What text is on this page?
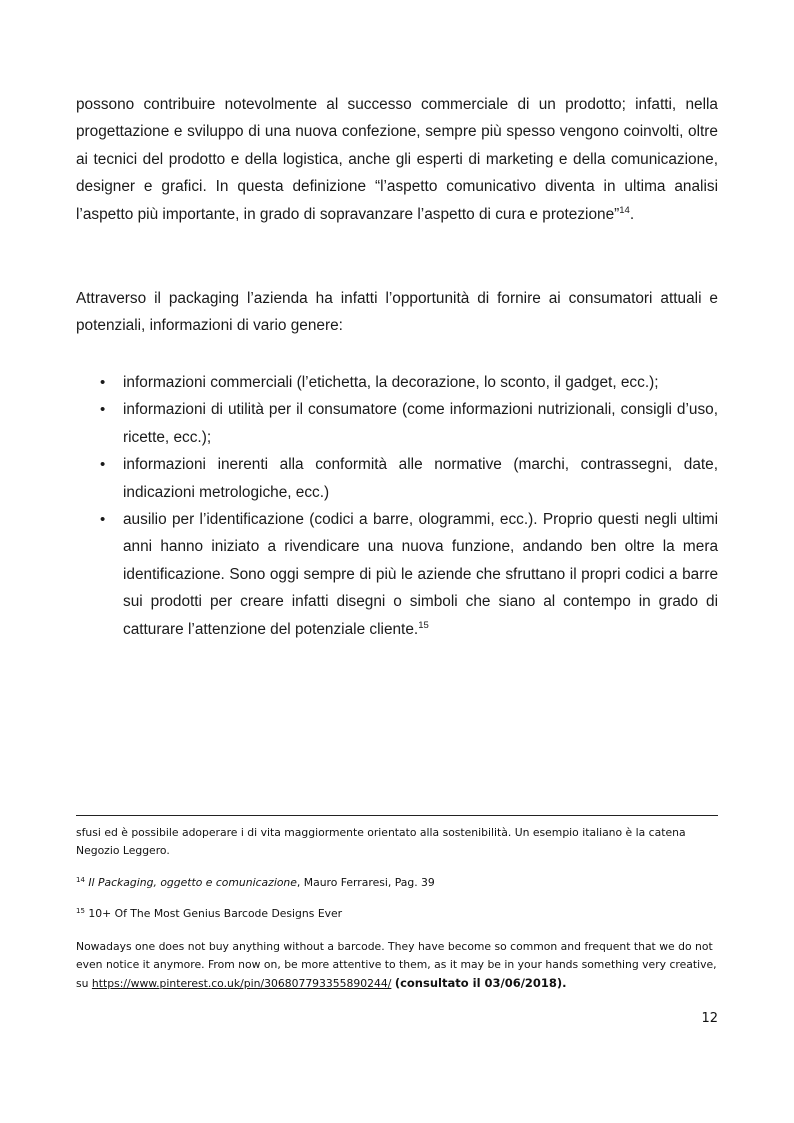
possono contribuire notevolmente al successo commerciale di un prodotto; infatti, nella progettazione e sviluppo di una nuova confezione, sempre più spesso vengono coinvolti, oltre ai tecnici del prodotto e della logistica, anche gli esperti di marketing e della comunicazione, designer e grafici. In questa definizione “l’aspetto comunicativo diventa in ultima analisi l’aspetto più importante, in grado di sopravanzare l’aspetto di cura e protezione”$^{14}$.

Attraverso il packaging l’azienda ha infatti l’opportunità di fornire ai consumatori attuali e potenziali, informazioni di vario genere:

• informazioni commerciali (l’etichetta, la decorazione, lo sconto, il gadget, ecc.);
• informazioni di utilità per il consumatore (come informazioni nutrizionali, consigli d’uso, ricette, ecc.);
• informazioni inerenti alla conformità alle normative (marchi, contrassegni, date, indicazioni metrologiche, ecc.)
• ausilio per l’identificazione (codici a barre, ologrammi, ecc.). Proprio questi negli ultimi anni hanno iniziato a rivendicare una nuova funzione, andando ben oltre la mera identificazione. Sono oggi sempre di più le aziende che sfruttano il propri codici a barre sui prodotti per creare infatti disegni o simboli che siano al contempo in grado di catturare l’attenzione del potenziale cliente.$^{15}$

sfusi ed è possibile adoperare i di vita maggiormente orientato alla sostenibilità. Un esempio italiano è la catena Negozio Leggero.

$^{14}$ Il Packaging, oggetto e comunicazione, Mauro Ferraresi, Pag. 39

$^{15}$ 10+ Of The Most Genius Barcode Designs Ever

Nowadays one does not buy anything without a barcode. They have become so common and frequent that we do not even notice it anymore. From now on, be more attentive to them, as it may be in your hands something very creative, su https://www.pinterest.co.uk/pin/306807793355890244/ (consultato il 03/06/2018).

12
